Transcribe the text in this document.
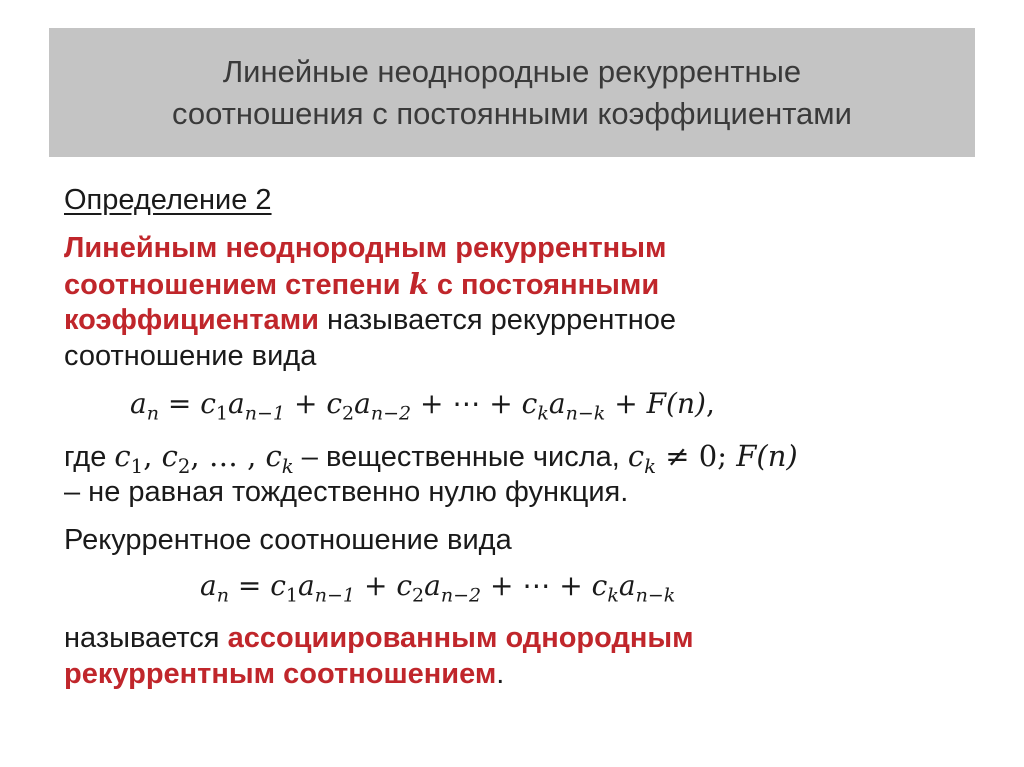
Линейные неоднородные рекуррентные
соотношения с постоянными коэффициентами
Определение 2
Линейным неоднородным рекуррентным
соотношением степени k с постоянными
коэффициентами называется рекуррентное
соотношение вида
$a_n = c_1a_{n-1} + c_2a_{n-2}$ + ⋯ + $c_ka_{n-k} + F(n)$,
где $c_1$, $c_2$, … , $c_k$ – вещественные числа, $c_k \ne 0$; F(n)
– не равная тождественно нулю функция.
Рекуррентное соотношение вида
$a_n = c_1a_{n-1} + c_2a_{n-2}$ + ⋯ + $c_ka_{n-k}$
называется ассоциированным однородным
рекуррентным соотношением.
